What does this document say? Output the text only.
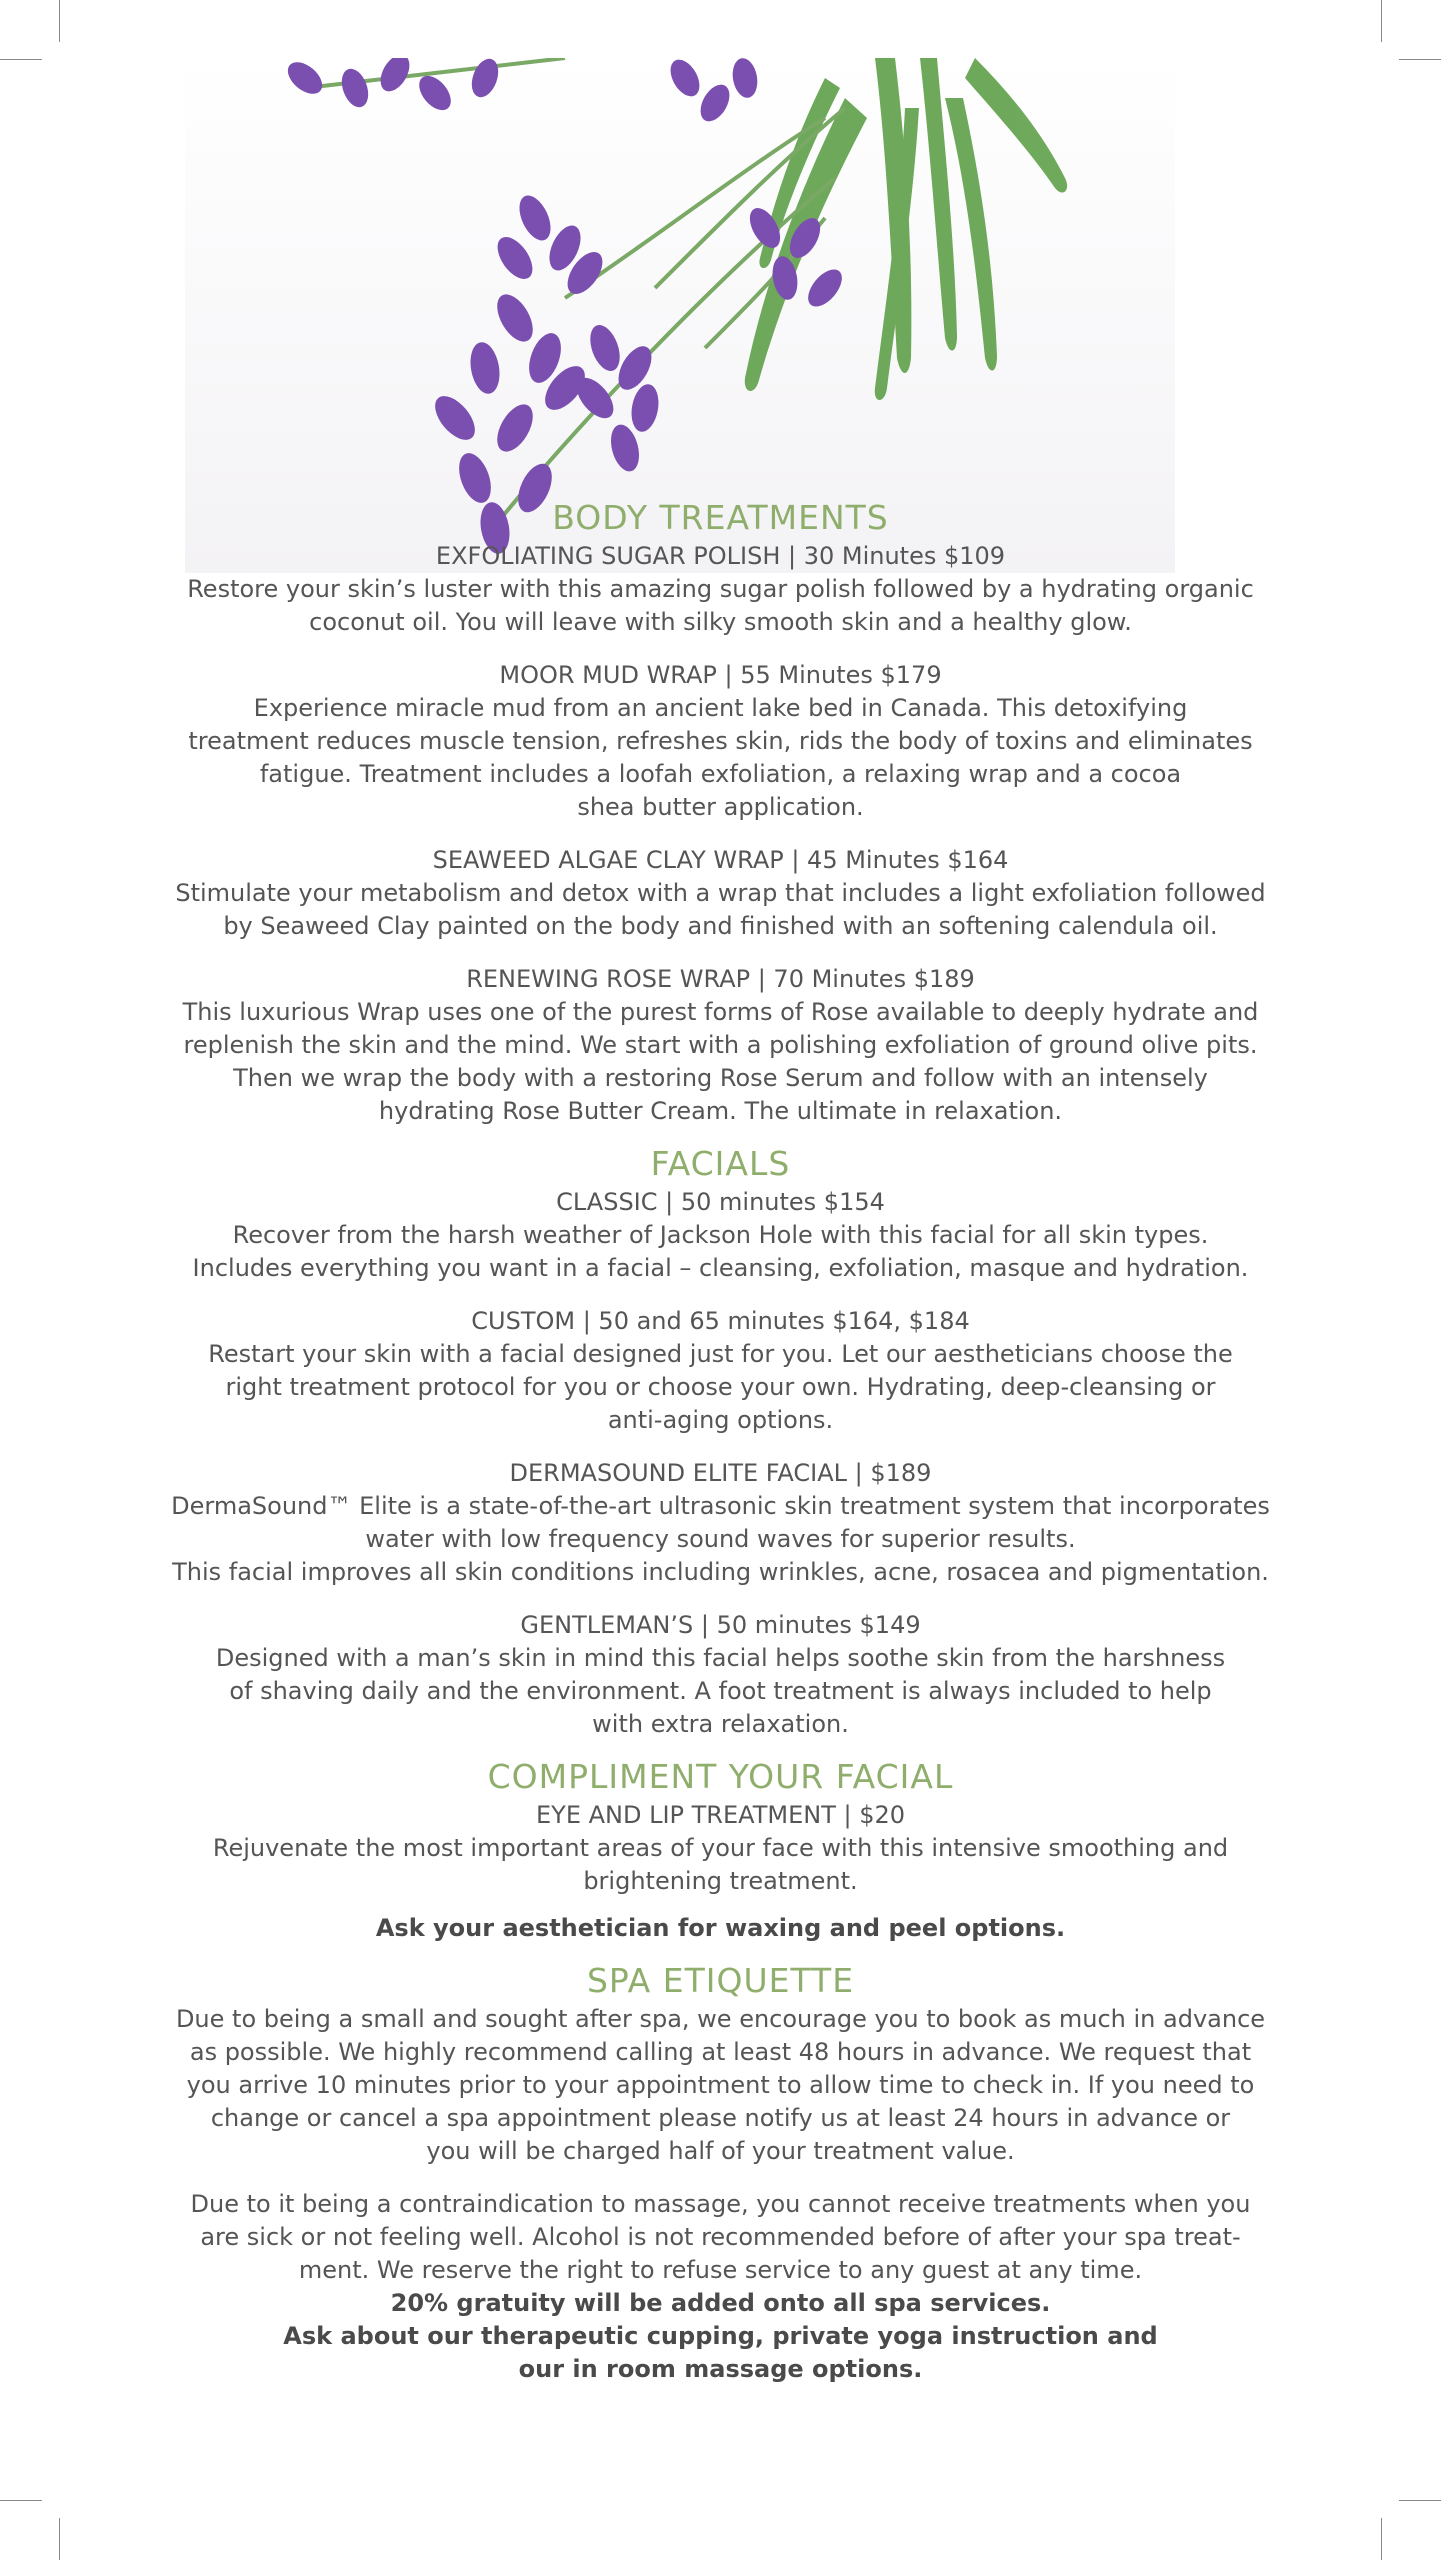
BODY TREATMENTS

EXFOLIATING SUGAR POLISH | 30 Minutes $109

Restore your skin’s luster with this amazing sugar polish followed by a hydrating organic

coconut oil. You will leave with silky smooth skin and a healthy glow.

MOOR MUD WRAP | 55 Minutes $179

Experience miracle mud from an ancient lake bed in Canada. This detoxifying

treatment reduces muscle tension, refreshes skin, rids the body of toxins and eliminates

fatigue. Treatment includes a loofah exfoliation, a relaxing wrap and a cocoa

shea butter application.

SEAWEED ALGAE CLAY WRAP | 45 Minutes $164

Stimulate your metabolism and detox with a wrap that includes a light exfoliation followed

by Seaweed Clay painted on the body and finished with an softening calendula oil.

RENEWING ROSE WRAP | 70 Minutes $189

This luxurious Wrap uses one of the purest forms of Rose available to deeply hydrate and

replenish the skin and the mind. We start with a polishing exfoliation of ground olive pits.

Then we wrap the body with a restoring Rose Serum and follow with an intensely

hydrating Rose Butter Cream. The ultimate in relaxation.

FACIALS

CLASSIC | 50 minutes $154

Recover from the harsh weather of Jackson Hole with this facial for all skin types.

Includes everything you want in a facial – cleansing, exfoliation, masque and hydration.

CUSTOM | 50 and 65 minutes $164, $184

Restart your skin with a facial designed just for you. Let our aestheticians choose the

right treatment protocol for you or choose your own. Hydrating, deep-cleansing or

anti-aging options.

DERMASOUND ELITE FACIAL | $189

DermaSound™ Elite is a state-of-the-art ultrasonic skin treatment system that incorporates

water with low frequency sound waves for superior results.

This facial improves all skin conditions including wrinkles, acne, rosacea and pigmentation.

GENTLEMAN’S | 50 minutes $149

Designed with a man’s skin in mind this facial helps soothe skin from the harshness

of shaving daily and the environment. A foot treatment is always included to help

with extra relaxation.

COMPLIMENT YOUR FACIAL

EYE AND LIP TREATMENT | $20

Rejuvenate the most important areas of your face with this intensive smoothing and

brightening treatment.

Ask your aesthetician for waxing and peel options.

SPA ETIQUETTE

Due to being a small and sought after spa, we encourage you to book as much in advance

as possible. We highly recommend calling at least 48 hours in advance. We request that

you arrive 10 minutes prior to your appointment to allow time to check in. If you need to

change or cancel a spa appointment please notify us at least 24 hours in advance or

you will be charged half of your treatment value.

Due to it being a contraindication to massage, you cannot receive treatments when you

are sick or not feeling well. Alcohol is not recommended before of after your spa treat-

ment. We reserve the right to refuse service to any guest at any time.

20% gratuity will be added onto all spa services.

Ask about our therapeutic cupping, private yoga instruction and

our in room massage options.
